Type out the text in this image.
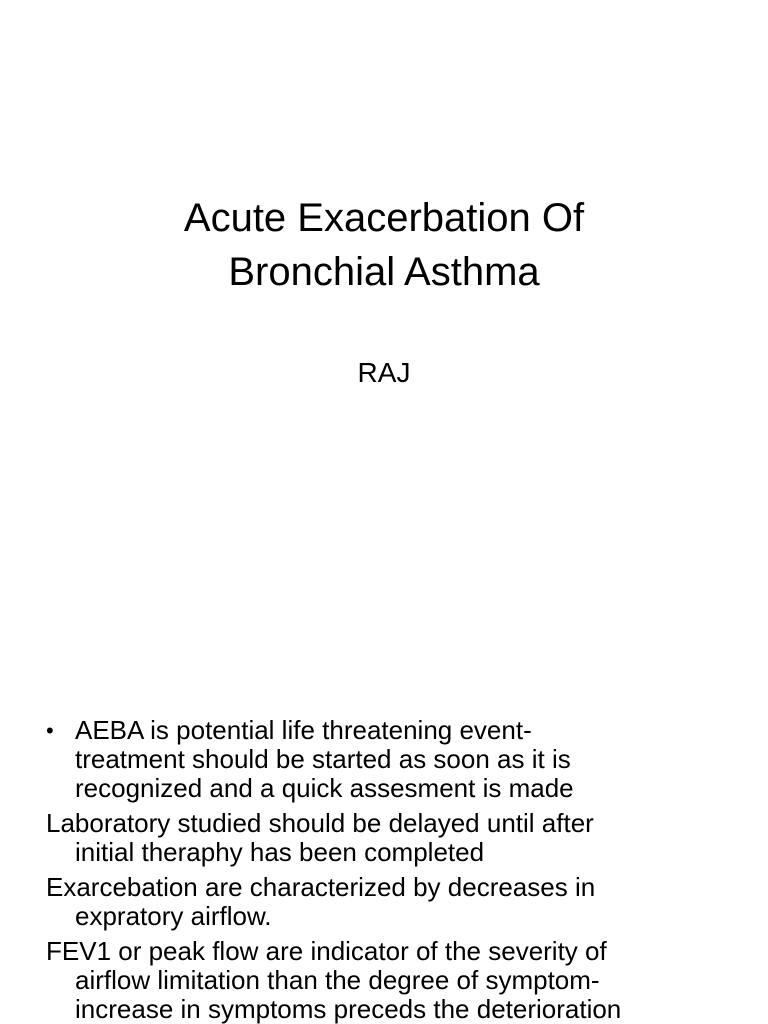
Acute Exacerbation Of
Bronchial Asthma
RAJ
• AEBA is potential life threatening event-
treatment should be started as soon as it is
recognized and a quick assesment is made
Laboratory studied should be delayed until after
initial theraphy has been completed
Exarcebation are characterized by decreases in
expratory airflow.
FEV1 or peak flow are indicator of the severity of
airflow limitation than the degree of symptom-
increase in symptoms preceds the deterioration
